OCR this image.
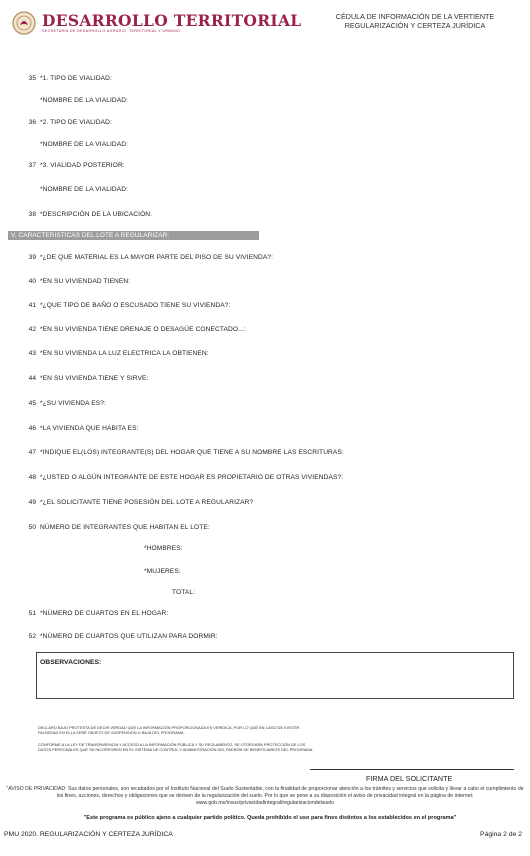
DESARROLLO TERRITORIAL
SECRETARÍA DE DESARROLLO AGRARIO, TERRITORIAL Y URBANO
CÉDULA DE INFORMACIÓN DE LA VERTIENTE
REGULARIZACIÓN Y CERTEZA JURÍDICA
35 *1. TIPO DE VIALIDAD:
*NOMBRE DE LA VIALIDAD:
36 *2. TIPO DE VIALIDAD:
*NOMBRE DE LA VIALIDAD:
37 *3. VIALIDAD POSTERIOR:
*NOMBRE DE LA VIALIDAD:
38 *DESCRIPCIÓN DE LA UBICACIÓN:
V. CARACTERISTICAS DEL LOTE A REGULARIZAR:
39 *¿DE QUE MATERIAL ES LA MAYOR PARTE DEL PISO DE SU VIVIENDA?:
40 *EN SU VIVIENDAD TIENEN:
41 *¿QUE TIPO DE BAÑO O ESCUSADO TIENE SU VIVIENDA?:
42 *EN SU VIVIENDA TIENE DRENAJE O DESAGÜE CONECTADO...:
43 *EN SU VIVIENDA LA LUZ ELECTRICA LA OBTIENEN:
44 *EN SU VIVIENDA TIENE Y SIRVE:
45 *¿SU VIVIENDA ES?:
46 *LA VIVIENDA QUE HABITA ES:
47 *INDIQUE EL(LOS) INTEGRANTE(S) DEL HOGAR QUE TIENE A SU NOMBRE LAS ESCRITURAS:
48 *¿USTED O ALGÚN INTEGRANTE DE ESTE HOGAR ES PROPIETARIO DE OTRAS VIVIENDAS?:
49 *¿EL SOLICITANTE TIENE POSESIÓN DEL LOTE A REGULARIZAR?
50 NÚMERO DE INTEGRANTES QUE HABITAN EL LOTE:
*HOMBRES:
*MUJERES:
TOTAL:
51 *NÚMERO DE CUARTOS EN EL HOGAR:
52 *NÚMERO DE CUARTOS QUE UTILIZAN PARA DORMIR:
OBSERVACIONES:
DECLARO BAJO PROTESTA DE DECIR VERDAD QUE LA INFORMACIÓN PROPORCIONADA ES VERÍDICA, POR LO QUE EN CASO DE EXISTIR FALSEDAD EN ELLA SERÉ OBJETO DE SUSPENSIÓN O BAJA DEL PROGRAMA.
CONFORME A LA LEY DE TRANSPARENCIA Y ACCESO A LA INFORMACIÓN PÚBLICA Y SU REGLAMENTO, SE OTORGARÁ PROTECCIÓN DE LOS DATOS PERSONALES QUE SE INCORPOREN EN EL SISTEMA DE CONTROL Y ADMINISTRACIÓN DEL PADRÓN DE BENEFICIARIOS DEL PROGRAMA.
FIRMA DEL SOLICITANTE
"AVISO DE PRIVACIDAD: Sus datos personales, son recabados por el Instituto Nacional del Suelo Sustentable, con la finalidad de proporcionar atención a los trámites y servicios que solicita y llevar a cabo el cumplimiento de los fines, acciones, derechos y obligaciones que se deriven de la regularización del suelo. Por lo que se pone a su disposición el aviso de privacidad integral en la página de internet: www.gob.mx/insus/privacidadintegral/regularizaciondelsuelo
"Este programa es público ajeno a cualquier partido político. Queda prohibido el uso para fines distintos a los establecidos en el programa"
PMU 2020. REGULARIZACIÓN Y CERTEZA JURÍDICA	Página 2 de 2
